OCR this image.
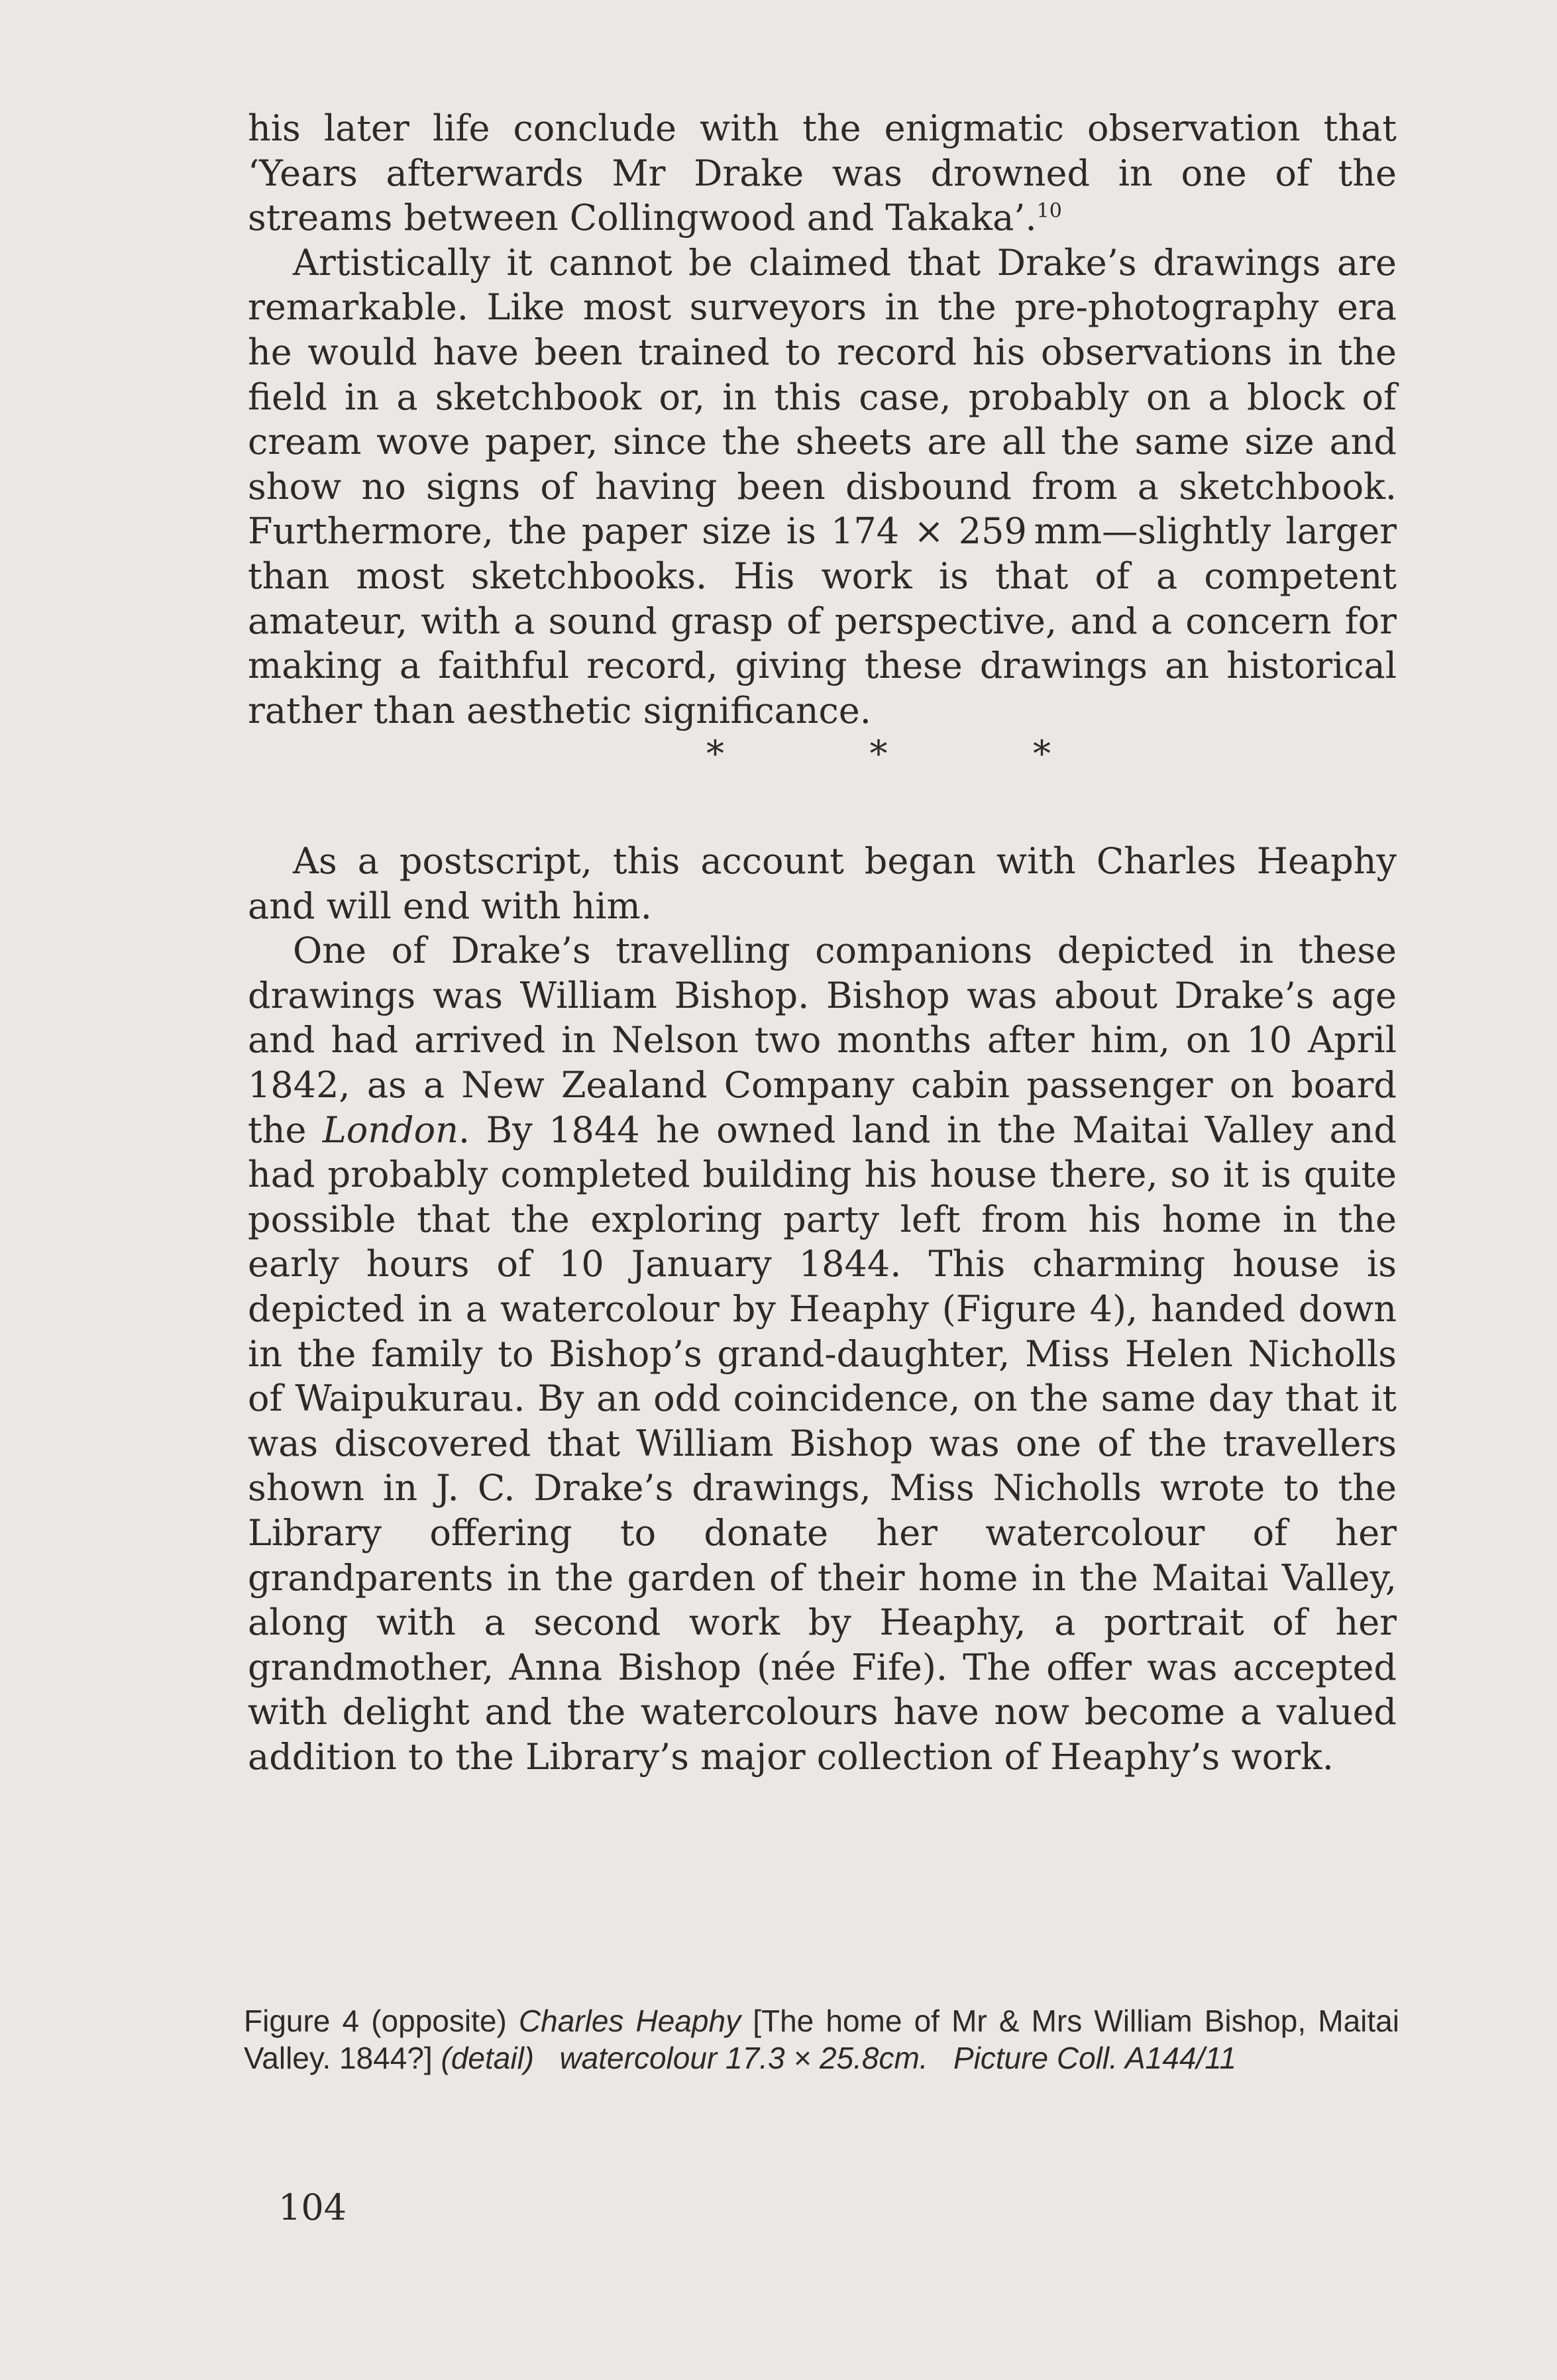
his later life conclude with the enigmatic observation that ‘Years afterwards Mr Drake was drowned in one of the streams between Collingwood and Takaka’.$^{10}$

Artistically it cannot be claimed that Drake’s drawings are remarkable. Like most surveyors in the pre-photography era he would have been trained to record his observations in the field in a sketchbook or, in this case, probably on a block of cream wove paper, since the sheets are all the same size and show no signs of having been disbound from a sketchbook. Furthermore, the paper size is 174 × 259 mm—slightly larger than most sketchbooks. His work is that of a competent amateur, with a sound grasp of perspective, and a concern for making a faithful record, giving these drawings an historical rather than aesthetic significance.

*   *   *

As a postscript, this account began with Charles Heaphy and will end with him.

One of Drake’s travelling companions depicted in these drawings was William Bishop. Bishop was about Drake’s age and had arrived in Nelson two months after him, on 10 April 1842, as a New Zealand Company cabin passenger on board the London. By 1844 he owned land in the Maitai Valley and had probably completed building his house there, so it is quite possible that the exploring party left from his home in the early hours of 10 January 1844. This charming house is depicted in a watercolour by Heaphy (Figure 4), handed down in the family to Bishop’s grand-daughter, Miss Helen Nicholls of Waipukurau. By an odd coincidence, on the same day that it was discovered that William Bishop was one of the travellers shown in J. C. Drake’s drawings, Miss Nicholls wrote to the Library offering to donate her watercolour of her grandparents in the garden of their home in the Maitai Valley, along with a second work by Heaphy, a portrait of her grandmother, Anna Bishop (née Fife). The offer was accepted with delight and the watercolours have now become a valued addition to the Library’s major collection of Heaphy’s work.

Figure 4 (opposite) Charles Heaphy [The home of Mr & Mrs William Bishop, Maitai Valley. 1844?] (detail) watercolour 17.3 × 25.8cm. Picture Coll. A144/11
104
